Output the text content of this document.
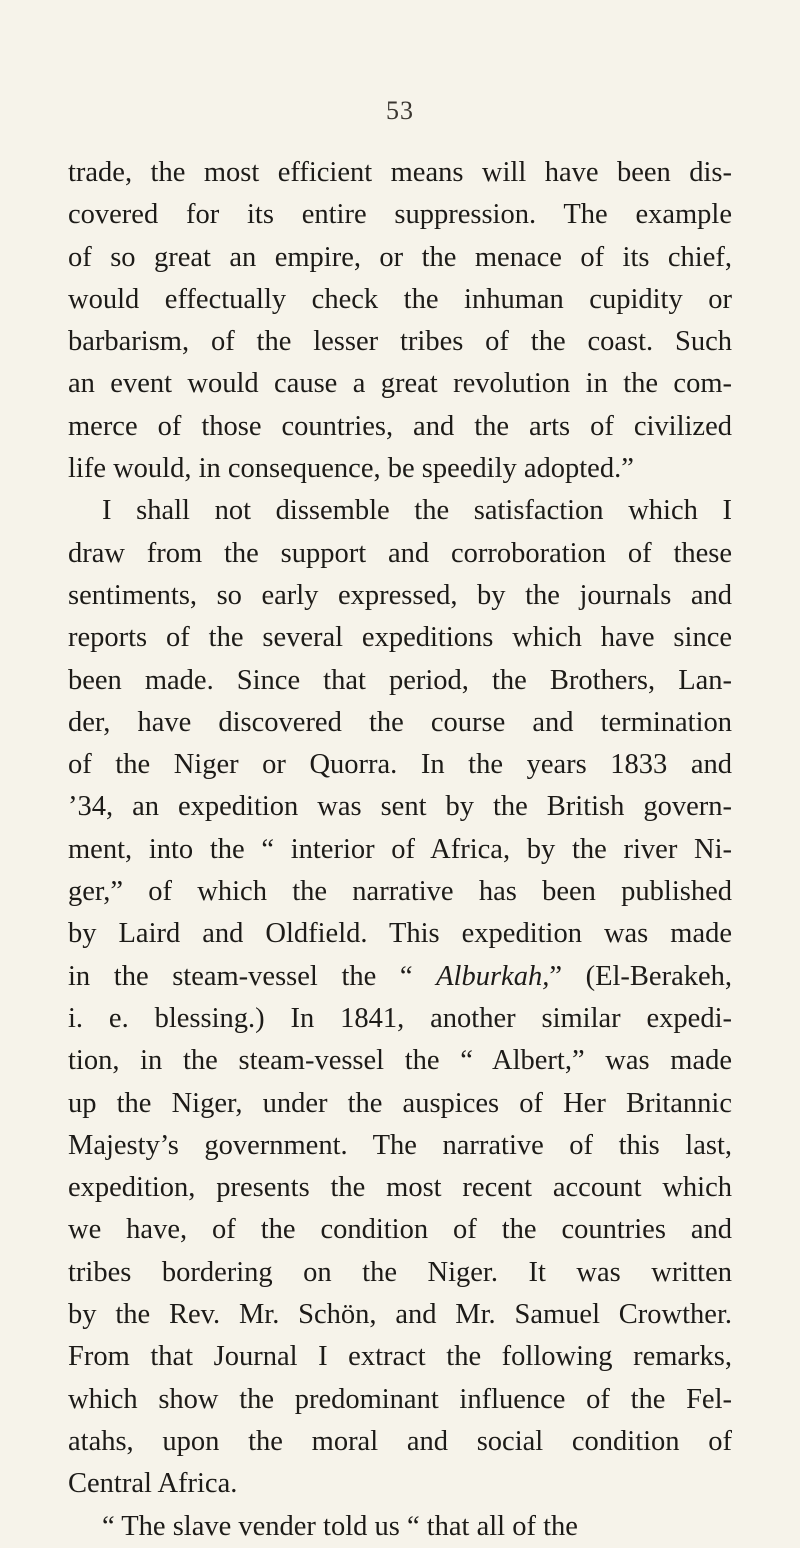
53
trade, the most efficient means will have been dis-
covered for its entire suppression. The example
of so great an empire, or the menace of its chief,
would effectually check the inhuman cupidity or
barbarism, of the lesser tribes of the coast. Such
an event would cause a great revolution in the com-
merce of those countries, and the arts of civilized
life would, in consequence, be speedily adopted.”
I shall not dissemble the satisfaction which I
draw from the support and corroboration of these
sentiments, so early expressed, by the journals and
reports of the several expeditions which have since
been made. Since that period, the Brothers, Lan-
der, have discovered the course and termination
of the Niger or Quorra. In the years 1833 and
’34, an expedition was sent by the British govern-
ment, into the “ interior of Africa, by the river Ni-
ger,” of which the narrative has been published
by Laird and Oldfield. This expedition was made
in the steam-vessel the “ Alburkah,” (El-Berakeh,
i. e. blessing.) In 1841, another similar expedi-
tion, in the steam-vessel the “ Albert,” was made
up the Niger, under the auspices of Her Britannic
Majesty’s government. The narrative of this last,
expedition, presents the most recent account which
we have, of the condition of the countries and
tribes bordering on the Niger. It was written
by the Rev. Mr. Schön, and Mr. Samuel Crowther.
From that Journal I extract the following remarks,
which show the predominant influence of the Fel-
atahs, upon the moral and social condition of
Central Africa.
“ The slave vender told us “ that all of the
